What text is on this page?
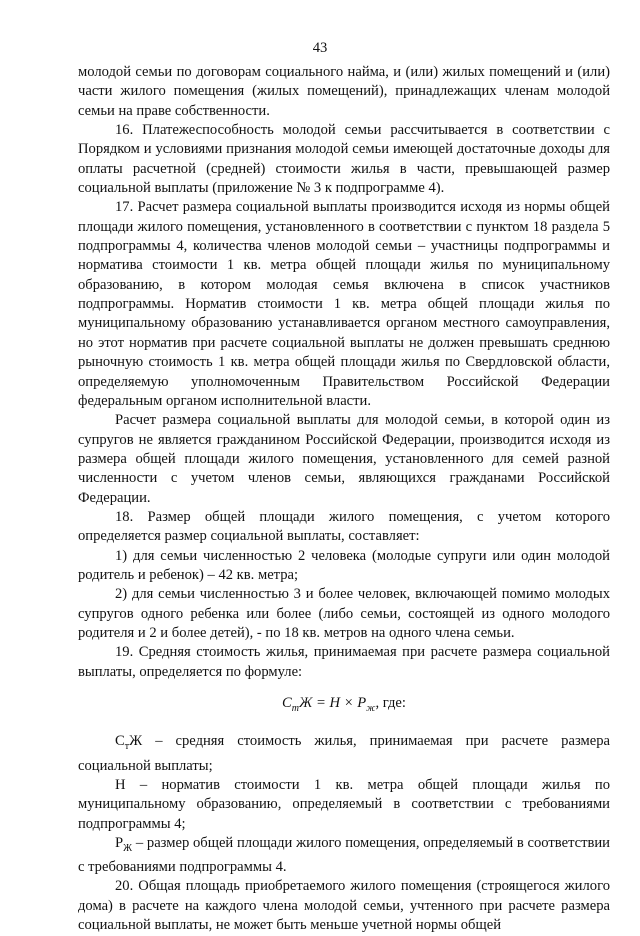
43

молодой семьи по договорам социального найма, и (или) жилых помещений и (или) части жилого помещения (жилых помещений), принадлежащих членам молодой семьи на праве собственности.

16. Платежеспособность молодой семьи рассчитывается в соответствии с Порядком и условиями признания молодой семьи имеющей достаточные доходы для оплаты расчетной (средней) стоимости жилья в части, превышающей размер социальной выплаты (приложение № 3 к подпрограмме 4).

17. Расчет размера социальной выплаты производится исходя из нормы общей площади жилого помещения, установленного в соответствии с пунктом 18 раздела 5 подпрограммы 4, количества членов молодой семьи – участницы подпрограммы и норматива стоимости 1 кв. метра общей площади жилья по муниципальному образованию, в котором молодая семья включена в список участников подпрограммы. Норматив стоимости 1 кв. метра общей площади жилья по муниципальному образованию устанавливается органом местного самоуправления, но этот норматив при расчете социальной выплаты не должен превышать среднюю рыночную стоимость 1 кв. метра общей площади жилья по Свердловской области, определяемую уполномоченным Правительством Российской Федерации федеральным органом исполнительной власти.

Расчет размера социальной выплаты для молодой семьи, в которой один из супругов не является гражданином Российской Федерации, производится исходя из размера общей площади жилого помещения, установленного для семей разной численности с учетом членов семьи, являющихся гражданами Российской Федерации.

18. Размер общей площади жилого помещения, с учетом которого определяется размер социальной выплаты, составляет:

1) для семьи численностью 2 человека (молодые супруги или один молодой родитель и ребенок) – 42 кв. метра;

2) для семьи численностью 3 и более человек, включающей помимо молодых супругов одного ребенка или более (либо семьи, состоящей из одного молодого родителя и 2 и более детей), - по 18 кв. метров на одного члена семьи.

19. Средняя стоимость жилья, принимаемая при расчете размера социальной выплаты, определяется по формуле:

$С_тЖ = Н \times Р_ж$, где:

$С_тЖ$ – средняя стоимость жилья, принимаемая при расчете размера социальной выплаты;

Н – норматив стоимости 1 кв. метра общей площади жилья по муниципальному образованию, определяемый в соответствии с требованиями подпрограммы 4;

$Р_Ж$ – размер общей площади жилого помещения, определяемый в соответствии с требованиями подпрограммы 4.

20. Общая площадь приобретаемого жилого помещения (строящегося жилого дома) в расчете на каждого члена молодой семьи, учтенного при расчете размера социальной выплаты, не может быть меньше учетной нормы общей
